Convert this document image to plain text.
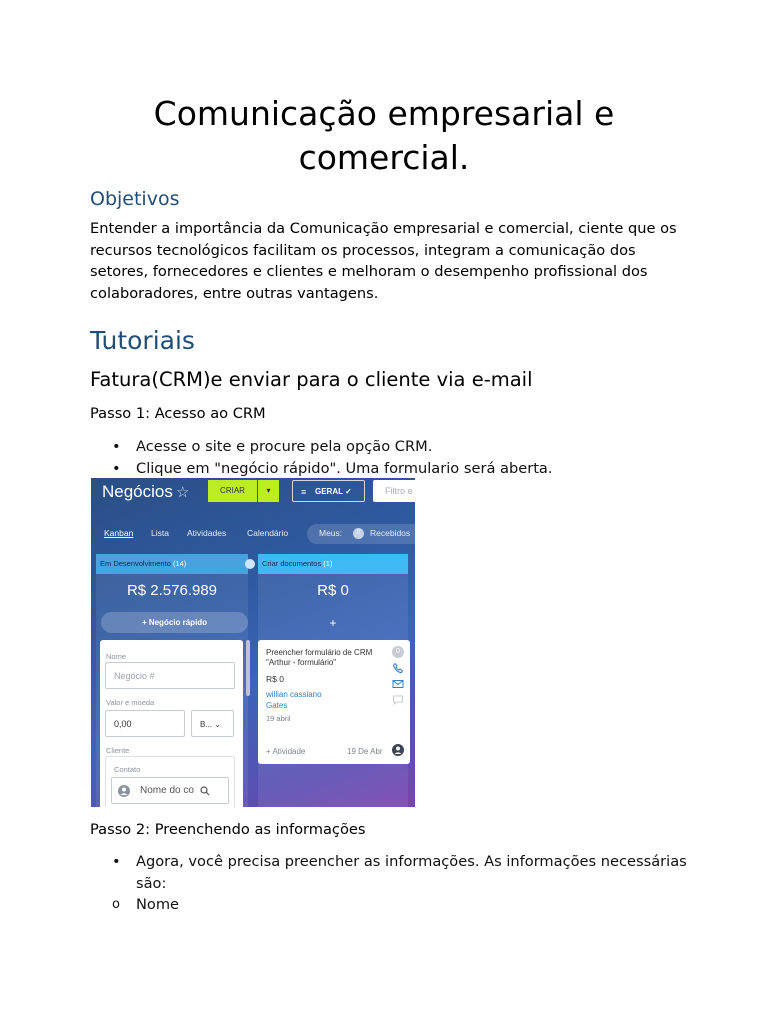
Comunicação empresarial e comercial.
Objetivos
Entender a importância da Comunicação empresarial e comercial, ciente que os recursos tecnológicos facilitam os processos, integram a comunicação dos setores, fornecedores e clientes e melhoram o desempenho profissional dos colaboradores, entre outras vantagens.
Tutoriais
Fatura(CRM)e enviar para o cliente via e-mail
Passo 1: Acesso ao CRM
• Acesse o site e procure pela opção CRM.
• Clique em "negócio rápido". Uma formulario será aberta.
Passo 2: Preenchendo as informações
• Agora, você precisa preencher as informações. As informações necessárias são:
o Nome
Negócios ☆	CRIAR	▾	≡ GERAL ✓	Filtro e
Kanban Lista Atividades Calendário	Meus:	0	Recebidos
Em Desenvolvimento (14)	Criar documentos (1)
R$ 2.576.989	R$ 0
+ Negócio rápido	+
Nome
Negócio #
Valor e moeda
0,00	B... ⌄
Cliente
Contato
Nome do co
Preencher formulário de CRM "Arthur - formulário"
R$ 0
willian cassiano
Gates
19 abril
+ Atividade	19 De Abr
0
